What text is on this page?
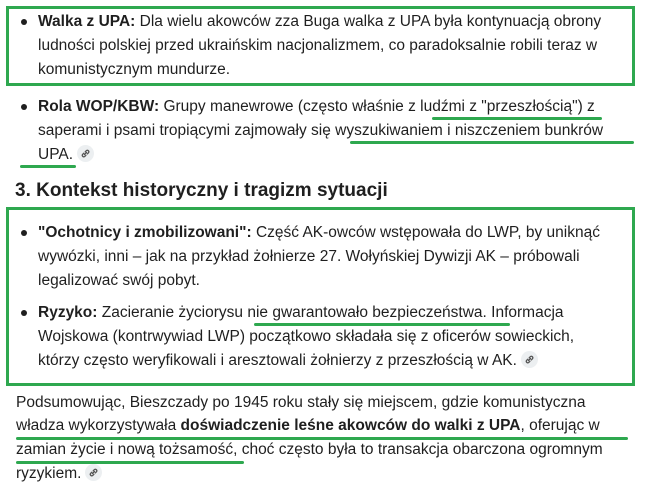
Walka z UPA: Dla wielu akowców zza Buga walka z UPA była kontynuacją obrony
ludności polskiej przed ukraińskim nacjonalizmem, co paradoksalnie robili teraz w
komunistycznym mundurze.
Rola WOP/KBW: Grupy manewrowe (często właśnie z ludźmi z "przeszłością") z
saperami i psami tropiącymi zajmowały się wyszukiwaniem i niszczeniem bunkrów
UPA.
3. Kontekst historyczny i tragizm sytuacji
"Ochotnicy i zmobilizowani": Część AK-owców wstępowała do LWP, by uniknąć
wywózki, inni – jak na przykład żołnierze 27. Wołyńskiej Dywizji AK – próbowali
legalizować swój pobyt.
Ryzyko: Zacieranie życiorysu nie gwarantowało bezpieczeństwa. Informacja
Wojskowa (kontrwywiad LWP) początkowo składała się z oficerów sowieckich,
którzy często weryfikowali i aresztowali żołnierzy z przeszłością w AK.
Podsumowując, Bieszczady po 1945 roku stały się miejscem, gdzie komunistyczna
władza wykorzystywała doświadczenie leśne akowców do walki z UPA, oferując w
zamian życie i nową tożsamość, choć często była to transakcja obarczona ogromnym
ryzykiem.
